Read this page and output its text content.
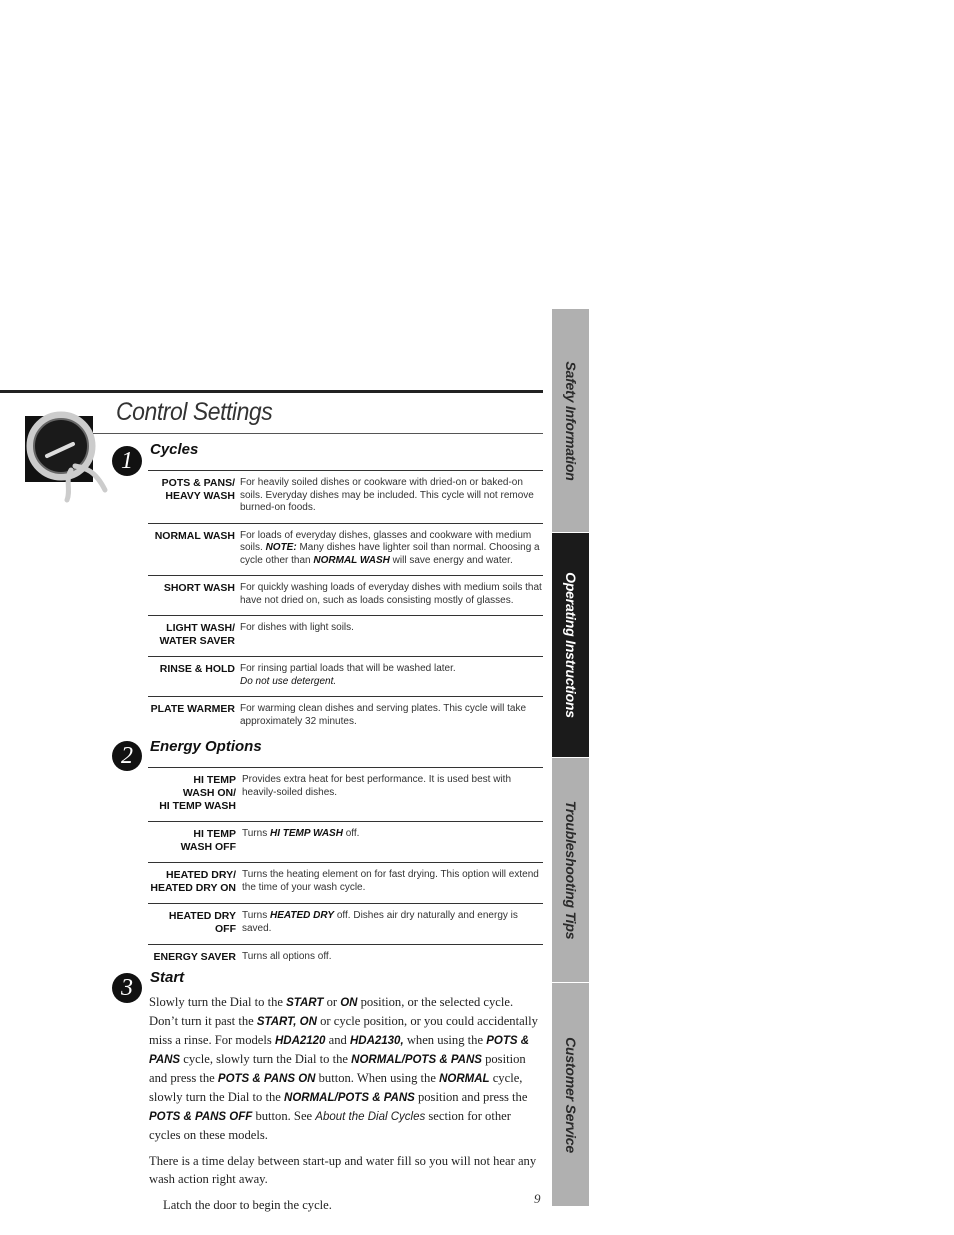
Control Settings
1	Cycles
POTS & PANS/
HEAVY WASH
For heavily soiled dishes or cookware with dried-on or baked-on soils. Everyday dishes may be included. This cycle will not remove burned-on foods.
NORMAL WASH For loads of everyday dishes, glasses and cookware with medium soils. NOTE: Many dishes have lighter soil than normal. Choosing a cycle other than NORMAL WASH will save energy and water.
SHORT WASH For quickly washing loads of everyday dishes with medium soils that have not dried on, such as loads consisting mostly of glasses.
LIGHT WASH/
WATER SAVER
For dishes with light soils.
RINSE & HOLD For rinsing partial loads that will be washed later.
Do not use detergent.
PLATE WARMER For warming clean dishes and serving plates. This cycle will take approximately 32 minutes.
2	Energy Options
HI TEMP
WASH ON/
HI TEMP WASH
Provides extra heat for best performance. It is used best with heavily-soiled dishes.
HI TEMP
WASH OFF
Turns HI TEMP WASH off.
HEATED DRY/
HEATED DRY ON
Turns the heating element on for fast drying. This option will extend the time of your wash cycle.
HEATED DRY OFF
Turns HEATED DRY off. Dishes air dry naturally and energy is saved.
ENERGY SAVER Turns all options off.
3	Start

Slowly turn the Dial to the START or ON position, or the selected cycle. Don’t turn it past the START, ON or cycle position, or you could accidentally miss a rinse. For models HDA2120 and HDA2130, when using the POTS & PANS cycle, slowly turn the Dial to the NORMAL/POTS & PANS position and press the POTS & PANS ON button. When using the NORMAL cycle, slowly turn the Dial to the NORMAL/POTS & PANS position and press the POTS & PANS OFF button. See About the Dial Cycles section for other cycles on these models.

There is a time delay between start-up and water fill so you will not hear any wash action right away.

Latch the door to begin the cycle.	9
Safety Information
Operating Instructions
Troubleshooting Tips
Customer Service
